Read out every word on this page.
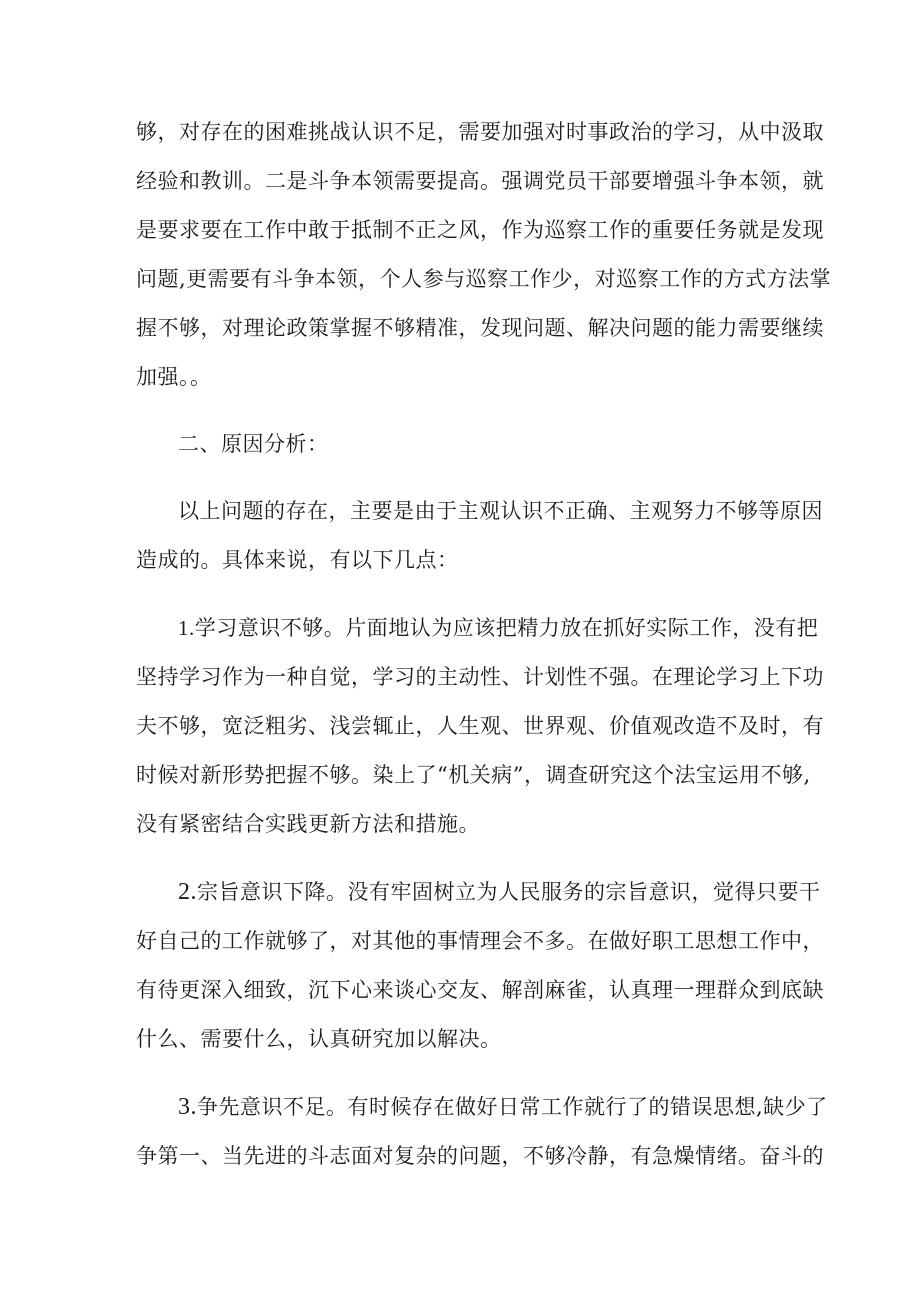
够，对存在的困难挑战认识不足，需要加强对时事政治的学习，从中汲取
经验和教训。二是斗争本领需要提高。强调党员干部要增强斗争本领，就
是要求要在工作中敢于抵制不正之风，作为巡察工作的重要任务就是发现
问题,更需要有斗争本领，个人参与巡察工作少，对巡察工作的方式方法掌
握不够，对理论政策掌握不够精准，发现问题、解决问题的能力需要继续
加强。。
二、原因分析：
以上问题的存在，主要是由于主观认识不正确、主观努力不够等原因
造成的。具体来说，有以下几点：
1.学习意识不够。片面地认为应该把精力放在抓好实际工作，没有把
坚持学习作为一种自觉，学习的主动性、计划性不强。在理论学习上下功
夫不够，宽泛粗劣、浅尝辄止，人生观、世界观、价值观改造不及时，有
时候对新形势把握不够。染上了“机关病”，调查研究这个法宝运用不够,
没有紧密结合实践更新方法和措施。
2.宗旨意识下降。没有牢固树立为人民服务的宗旨意识，觉得只要干
好自己的工作就够了，对其他的事情理会不多。在做好职工思想工作中，
有待更深入细致，沉下心来谈心交友、解剖麻雀，认真理一理群众到底缺
什么、需要什么，认真研究加以解决。
3.争先意识不足。有时候存在做好日常工作就行了的错误思想,缺少了
争第一、当先进的斗志面对复杂的问题，不够冷静，有急燥情绪。奋斗的
